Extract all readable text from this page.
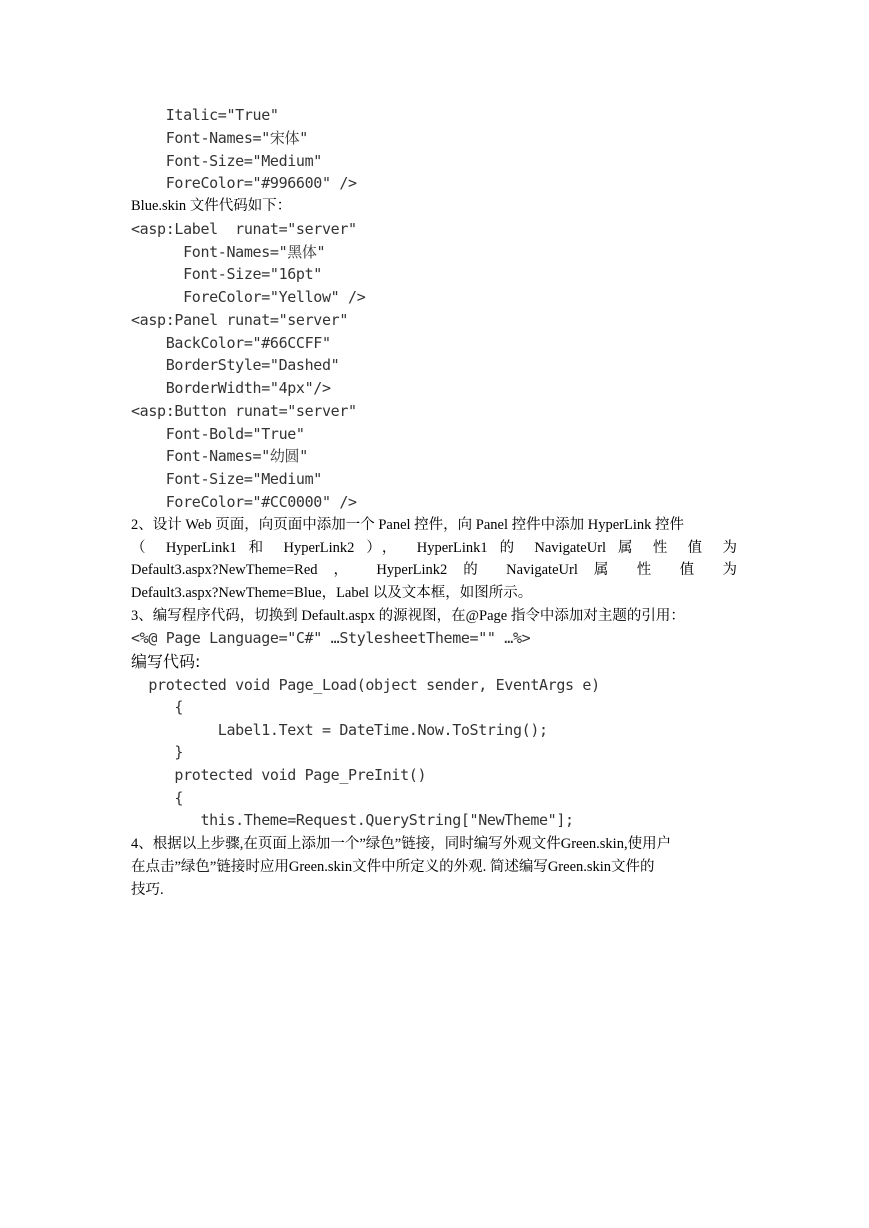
Italic="True"
Font-Names="宋体"
Font-Size="Medium"
ForeColor="#996600" />
Blue.skin 文件代码如下：
<asp:Label  runat="server"
Font-Names="黑体"
Font-Size="16pt"
ForeColor="Yellow" />
<asp:Panel runat="server"
BackColor="#66CCFF"
BorderStyle="Dashed"
BorderWidth="4px"/>
<asp:Button runat="server"
Font-Bold="True"
Font-Names="幼圆"
Font-Size="Medium"
ForeColor="#CC0000" />
2、设计 Web 页面，向页面中添加一个 Panel 控件，向 Panel 控件中添加 HyperLink 控件
（ HyperLink1 和 HyperLink2 ）， HyperLink1 的 NavigateUrl 属 性 值 为
Default3.aspx?NewTheme=Red ， HyperLink2 的 NavigateUrl 属 性 值 为
Default3.aspx?NewTheme=Blue，Label 以及文本框，如图所示。
3、编写程序代码，切换到 Default.aspx 的源视图，在@Page 指令中添加对主题的引用：
<%@ Page Language="C#" …StylesheetTheme="" …%>
编写代码:
protected void Page_Load(object sender, EventArgs e)
{
Label1.Text = DateTime.Now.ToString();
}
protected void Page_PreInit()
{
this.Theme=Request.QueryString["NewTheme"];
4、根据以上步骤,在页面上添加一个”绿色”链接，同时编写外观文件Green.skin,使用户
在点击”绿色”链接时应用Green.skin文件中所定义的外观. 简述编写Green.skin文件的
技巧.
